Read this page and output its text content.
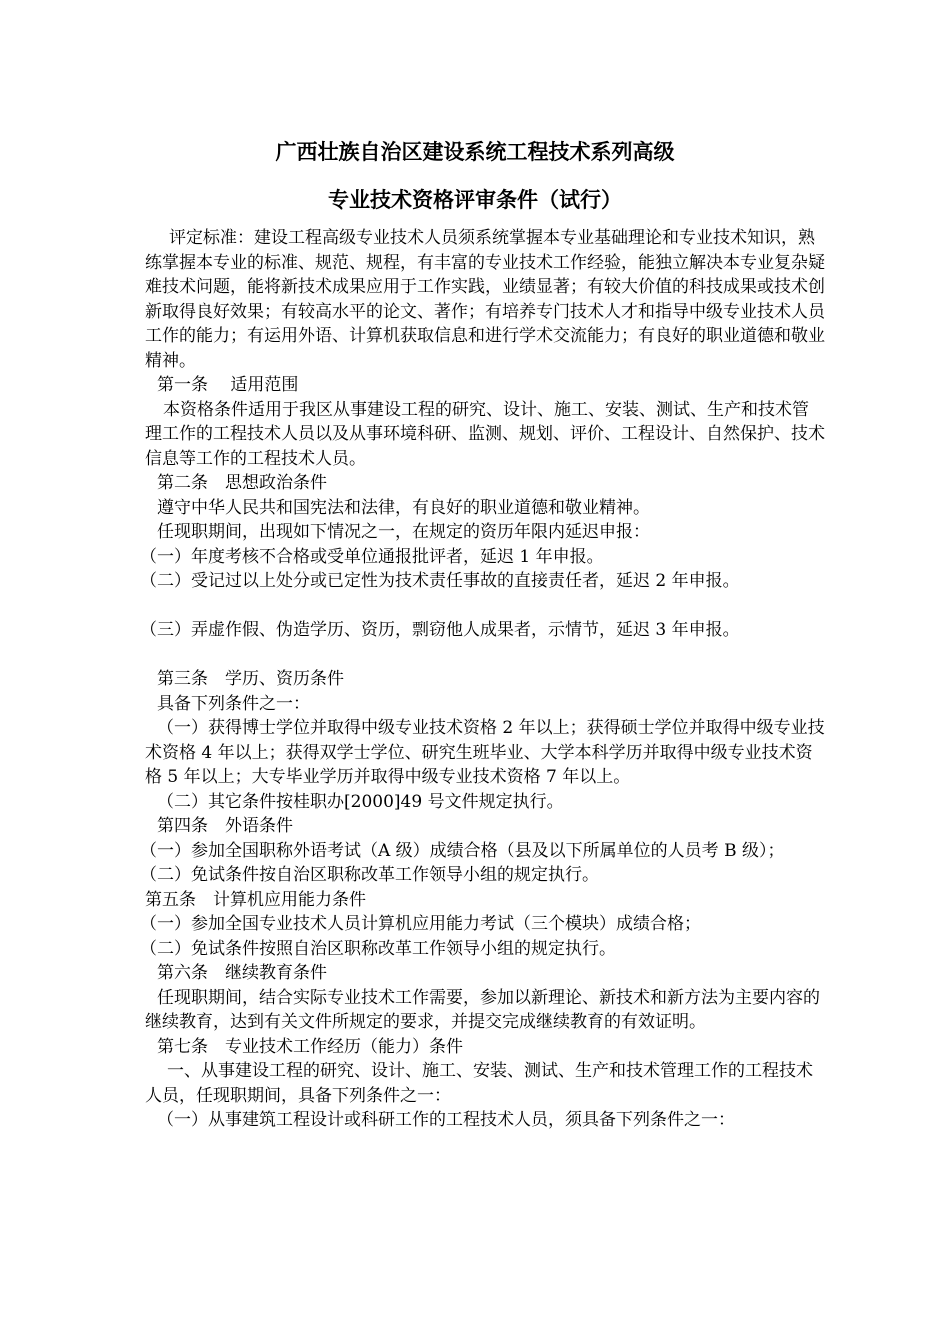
广西壮族自治区建设系统工程技术系列高级
专业技术资格评审条件（试行）

评定标准：建设工程高级专业技术人员须系统掌握本专业基础理论和专业技术知识，熟练掌握本专业的标准、规范、规程，有丰富的专业技术工作经验，能独立解决本专业复杂疑难技术问题，能将新技术成果应用于工作实践，业绩显著；有较大价值的科技成果或技术创新取得良好效果；有较高水平的论文、著作；有培养专门技术人才和指导中级专业技术人员工作的能力；有运用外语、计算机获取信息和进行学术交流能力；有良好的职业道德和敬业精神。

第一条　 适用范围

本资格条件适用于我区从事建设工程的研究、设计、施工、安装、测试、生产和技术管理工作的工程技术人员以及从事环境科研、监测、规划、评价、工程设计、自然保护、技术信息等工作的工程技术人员。

第二条　思想政治条件

遵守中华人民共和国宪法和法律，有良好的职业道德和敬业精神。

任现职期间，出现如下情况之一，在规定的资历年限内延迟申报：

（一）年度考核不合格或受单位通报批评者，延迟 1 年申报。

（二）受记过以上处分或已定性为技术责任事故的直接责任者，延迟 2 年申报。

（三）弄虚作假、伪造学历、资历，剽窃他人成果者，示情节，延迟 3 年申报。

第三条　学历、资历条件

具备下列条件之一：

（一）获得博士学位并取得中级专业技术资格 2 年以上；获得硕士学位并取得中级专业技术资格 4 年以上；获得双学士学位、研究生班毕业、大学本科学历并取得中级专业技术资格 5 年以上；大专毕业学历并取得中级专业技术资格 7 年以上。

（二）其它条件按桂职办[2000]49 号文件规定执行。

第四条　外语条件

（一）参加全国职称外语考试（A 级）成绩合格（县及以下所属单位的人员考 B 级）；

（二）免试条件按自治区职称改革工作领导小组的规定执行。

第五条　计算机应用能力条件

（一）参加全国专业技术人员计算机应用能力考试（三个模块）成绩合格；

（二）免试条件按照自治区职称改革工作领导小组的规定执行。

第六条　继续教育条件

任现职期间，结合实际专业技术工作需要，参加以新理论、新技术和新方法为主要内容的继续教育，达到有关文件所规定的要求，并提交完成继续教育的有效证明。

第七条　专业技术工作经历（能力）条件

一、从事建设工程的研究、设计、施工、安装、测试、生产和技术管理工作的工程技术人员，任现职期间，具备下列条件之一：

（一）从事建筑工程设计或科研工作的工程技术人员，须具备下列条件之一：
